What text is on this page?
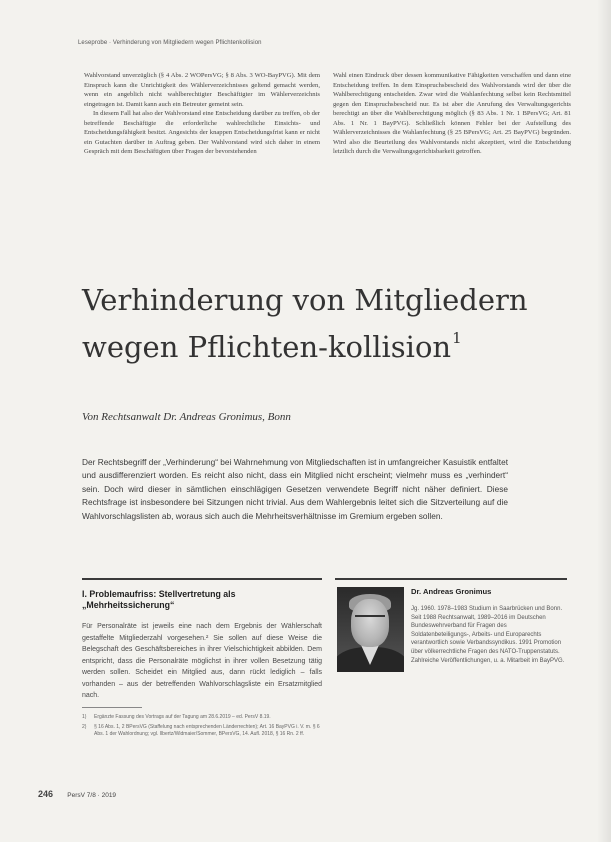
Leseprobe · Verhinderung von Mitgliedern wegen Pflichtenkollision

Wahlvorstand unverzüglich (§ 4 Abs. 2 WOPersVG; § 8 Abs. 3 WO-BayPVG). Mit dem Einspruch kann die Unrichtigkeit des Wählerverzeichnisses geltend gemacht werden, wenn ein angeblich nicht wahlberechtigter Beschäftigter im Wählerverzeichnis eingetragen ist. Damit kann auch ein Betreuter gemeint sein.

In diesem Fall hat also der Wahlvorstand eine Entscheidung darüber zu treffen, ob der betreffende Beschäftigte die erforderliche wahlrechtliche Einsichts- und Entscheidungsfähigkeit besitzt. Angesichts der knappen Entscheidungsfrist kann er nicht ein Gutachten darüber in Auftrag geben. Der Wahlvorstand wird sich daher in einem Gespräch mit dem Beschäftigten über Fragen der bevorstehenden

Wahl einen Eindruck über dessen kommunikative Fähigkeiten verschaffen und dann eine Entscheidung treffen. In dem Einspruchsbescheid des Wahlvorstands wird der über die Wahlberechtigung entscheiden. Zwar wird die Wahlanfechtung selbst kein Rechtsmittel gegen den Einspruchsbescheid nur. Es ist aber die Anrufung des Verwaltungsgerichts berechtigt an über die Wahlberechtigung möglich (§ 83 Abs. 1 Nr. 1 BPersVG; Art. 81 Abs. 1 Nr. 1 BayPVG). Schließlich können Fehler bei der Aufstellung des Wählerverzeichnisses die Wahlanfechtung (§ 25 BPersVG; Art. 25 BayPVG) begründen. Wird also die Beurteilung des Wahlvorstands nicht akzeptiert, wird die Entscheidung letztlich durch die Verwaltungsgerichtsbarkeit getroffen.

Verhinderung von Mitgliedern wegen Pflichten-kollision$^1$
Von Rechtsanwalt Dr. Andreas Gronimus, Bonn
Der Rechtsbegriff der „Verhinderung“ bei Wahrnehmung von Mitgliedschaften ist in umfangreicher Kasuistik entfaltet und ausdifferenziert worden. Es reicht also nicht, dass ein Mitglied nicht erscheint; vielmehr muss es „verhindert“ sein. Doch wird dieser in sämtlichen einschlägigen Gesetzen verwendete Begriff nicht näher definiert. Diese Rechtsfrage ist insbesondere bei Sitzungen nicht trivial. Aus dem Wahlergebnis leitet sich die Sitzverteilung auf die Wahlvorschlagslisten ab, woraus sich auch die Mehrheitsverhältnisse im Gremium ergeben sollen.
I. Problemaufriss: Stellvertretung als „Mehrheitssicherung“
Für Personalräte ist jeweils eine nach dem Ergebnis der Wählerschaft gestaffelte Mitgliederzahl vorgesehen.² Sie sollen auf diese Weise die Belegschaft des Geschäftsbereiches in ihrer Vielschichtigkeit abbilden. Dem entspricht, dass die Personalräte möglichst in ihrer vollen Besetzung tätig werden sollen. Scheidet ein Mitglied aus, dann rückt lediglich – falls vorhanden – aus der betreffenden Wahlvorschlagsliste ein Ersatzmitglied nach.
Dr. Andreas Gronimus
Jg. 1960. 1978–1983 Studium in Saarbrücken und Bonn. Seit 1988 Rechtsanwalt, 1989–2016 im Deutschen Bundeswehrverband für Fragen des Soldatenbeteiligungs-, Arbeits- und Europarechts verantwortlich sowie Verbandssyndikus. 1991 Promotion über völkerrechtliche Fragen des NATO-Truppenstatuts. Zahlreiche Veröffentlichungen, u. a. Mitarbeit im BayPVG.
1) Ergänzte Fassung des Vortrags auf der Tagung am 28.6.2019 – ed. PersV 8.19.
2) § 16 Abs. 1, 2 BPersVG (Staffelung nach entsprechenden Länderrechten); Art. 16 BayPVG i. V. m. § 6 Abs. 1 der Wahlordnung; vgl. Ilbertz/Widmaier/Sommer, BPersVG, 14. Aufl. 2018, § 16 Rn. 2 ff.
246 PersV 7/8 · 2019
